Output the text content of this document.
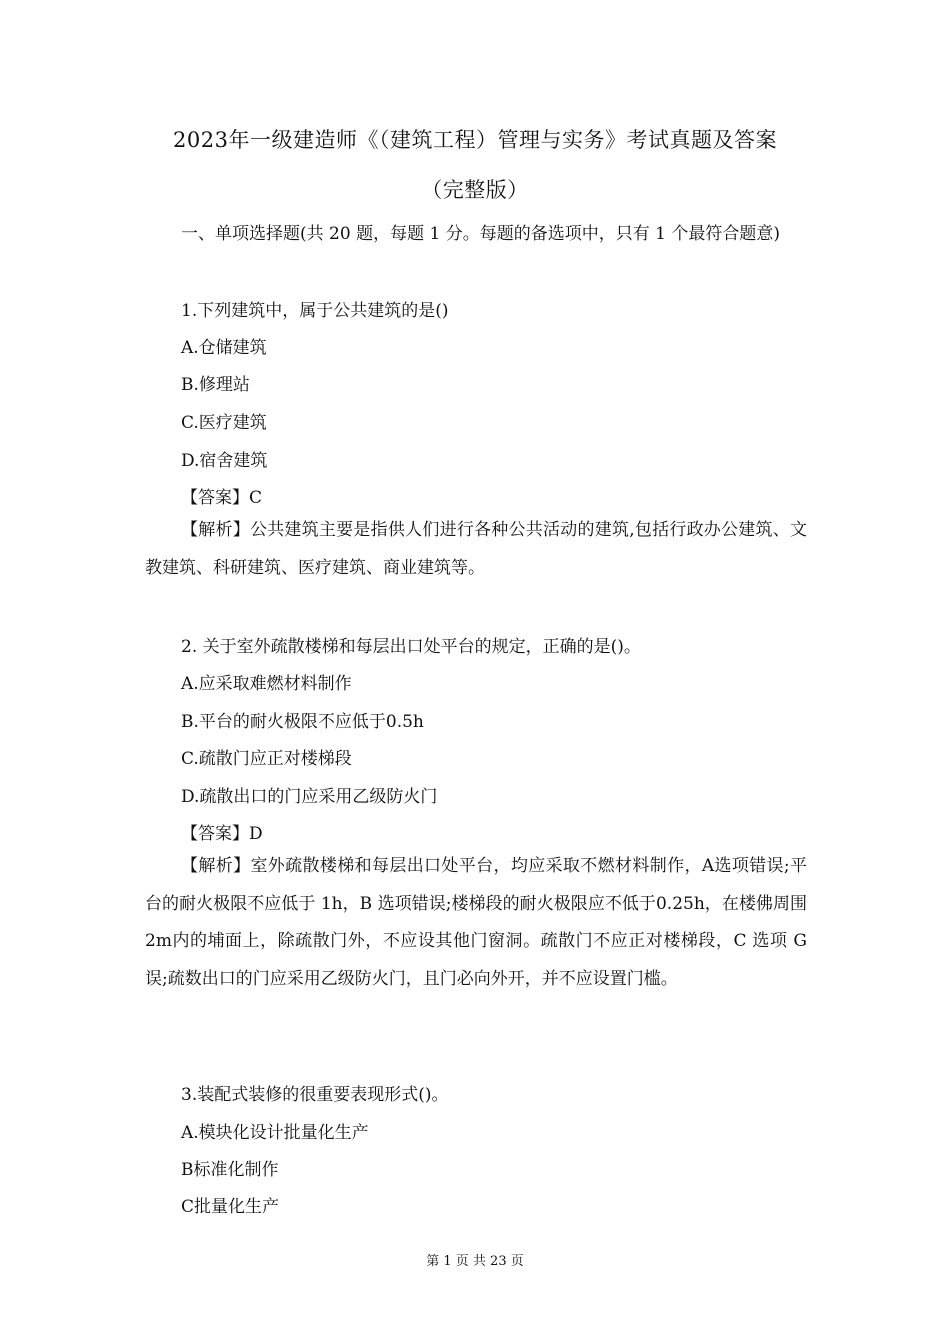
2023年一级建造师《（建筑工程）管理与实务》考试真题及答案
（完整版）
一、单项选择题(共 20 题，每题 1 分。每题的备选项中，只有 1 个最符合题意)
1.下列建筑中，属于公共建筑的是()
A.仓储建筑
B.修理站
C.医疗建筑
D.宿舍建筑
【答案】C
【解析】公共建筑主要是指供人们进行各种公共活动的建筑,包括行政办公建筑、文教建筑、科研建筑、医疗建筑、商业建筑等。
2. 关于室外疏散楼梯和每层出口处平台的规定，正确的是()。
A.应采取难燃材料制作
B.平台的耐火极限不应低于0.5h
C.疏散门应正对楼梯段
D.疏散出口的门应采用乙级防火门
【答案】D
【解析】室外疏散楼梯和每层出口处平台，均应采取不燃材料制作，A选项错误;平台的耐火极限不应低于 1h，B 选项错误;楼梯段的耐火极限应不低于0.25h，在楼佛周围2m内的埔面上，除疏散门外，不应设其他门窗洞。疏散门不应正对楼梯段，C 选项 G 误;疏数出口的门应采用乙级防火门，且门必向外开，并不应设置门槛。
3.装配式装修的很重要表现形式()。
A.模块化设计批量化生产
B标准化制作
C批量化生产
第 1 页 共 23 页
